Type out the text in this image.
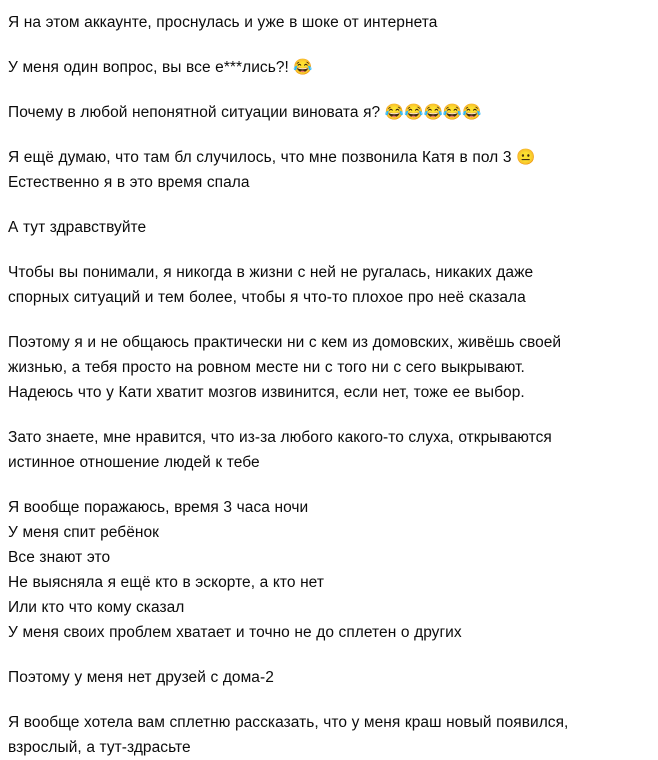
Я на этом аккаунте, проснулась и уже в шоке от интернета

У меня один вопрос, вы все е***лись?! 😂

Почему в любой непонятной ситуации виновата я? 😂😂😂😂😂

Я ещё думаю, что там бл случилось, что мне позвонила Катя в пол 3 😐
Естественно я в это время спала

А тут здравствуйте

Чтобы вы понимали, я никогда в жизни с ней не ругалась, никаких даже
спорных ситуаций и тем более, чтобы я что-то плохое про неё сказала

Поэтому я и не общаюсь практически ни с кем из домовских, живёшь своей
жизнью, а тебя просто на ровном месте ни с того ни с сего выкрывают.
Надеюсь что у Кати хватит мозгов извинится, если нет, тоже ее выбор.

Зато знаете, мне нравится, что из-за любого какого-то слуха, открываются
истинное отношение людей к тебе

Я вообще поражаюсь, время 3 часа ночи
У меня спит ребёнок
Все знают это
Не выясняла я ещё кто в эскорте, а кто нет
Или кто что кому сказал
У меня своих проблем хватает и точно не до сплетен о других

Поэтому у меня нет друзей с дома-2

Я вообще хотела вам сплетню рассказать, что у меня краш новый появился,
взрослый, а тут-здрасьте
